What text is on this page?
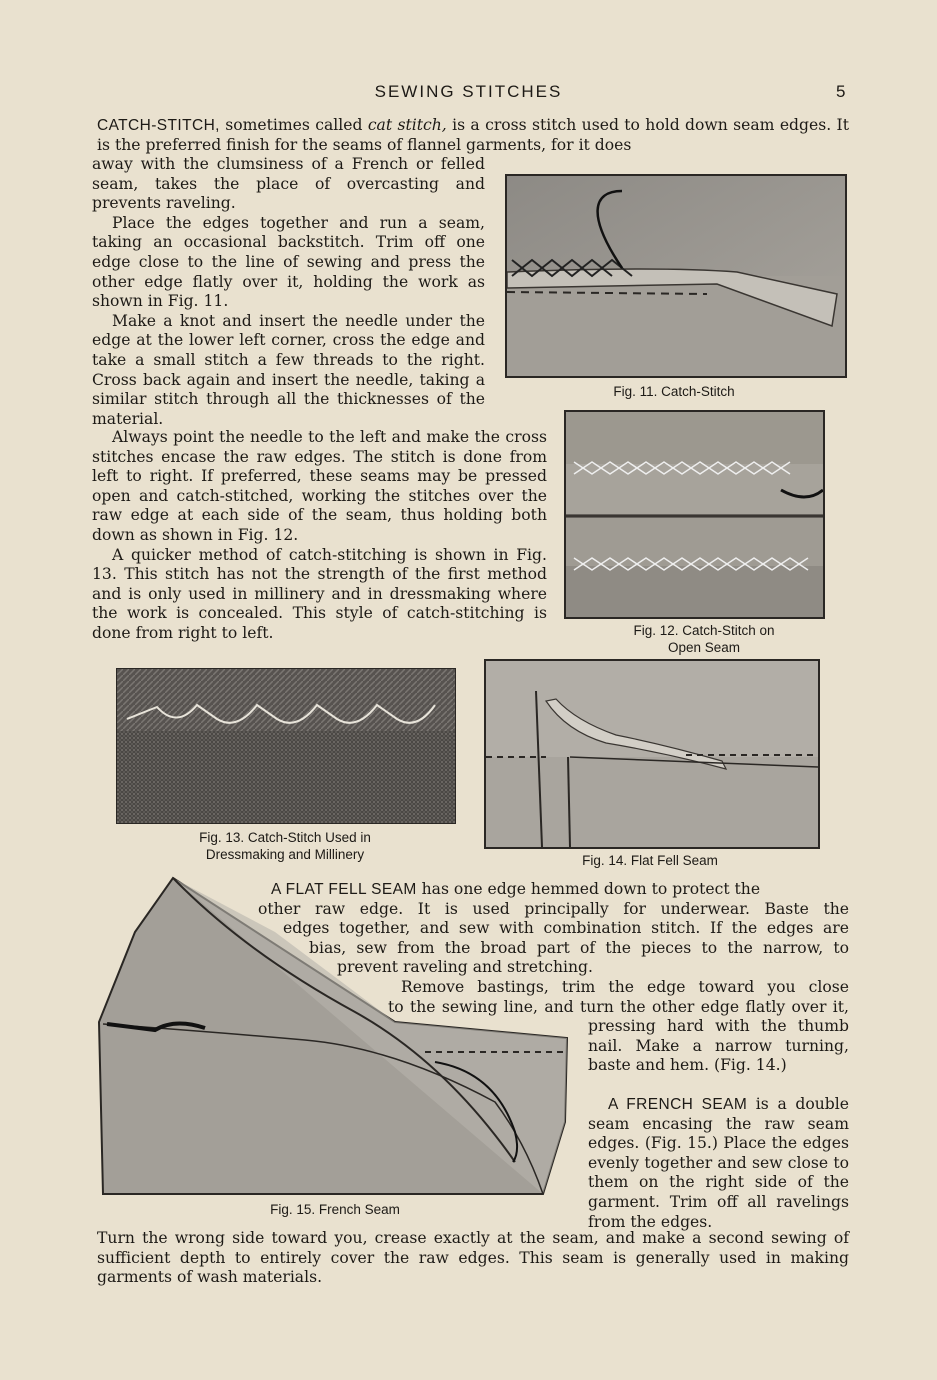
SEWING STITCHES	5
CATCH-STITCH, sometimes called cat stitch, is a cross stitch used to hold down seam edges. It is the preferred finish for the seams of flannel garments, for it does

away with the clumsiness of a French or felled seam, takes the place of overcasting and prevents raveling.

Place the edges together and run a seam, taking an occasional backstitch. Trim off one edge close to the line of sewing and press the other edge flatly over it, holding the work as shown in Fig. 11.

Make a knot and insert the needle under the edge at the lower left corner, cross the edge and take a small stitch a few threads to the right. Cross back again and insert the needle, taking a similar stitch through all the thicknesses of the material.

Always point the needle to the left and make the cross stitches encase the raw edges. The stitch is done from left to right. If preferred, these seams may be pressed open and catch-stitched, working the stitches over the raw edge at each side of the seam, thus holding both down as shown in Fig. 12.

A quicker method of catch-stitching is shown in Fig. 13. This stitch has not the strength of the first method and is only used in millinery and in dressmaking where the work is concealed. This style of catch-stitching is done from right to left.

Fig. 11. Catch-Stitch
Fig. 12. Catch-Stitch on
Open Seam
Fig. 13. Catch-Stitch Used in
Dressmaking and Millinery	Fig. 14. Flat Fell Seam
Fig. 15. French Seam
A FLAT FELL SEAM has one edge hemmed down to protect the
other raw edge. It is used principally for underwear. Baste the
edges together, and sew with combination stitch. If the edges are
bias, sew from the broad part of the pieces to the narrow, to
prevent raveling and stretching.
Remove bastings, trim the edge toward you close
to the sewing line, and turn the other edge flatly over it,
pressing hard with the thumb nail. Make a narrow turning, baste and hem. (Fig. 14.)
A FRENCH SEAM is a double seam encasing the raw seam edges. (Fig. 15.) Place the edges evenly together and sew close to them on the right side of the garment. Trim off all ravelings from the edges.
Turn the wrong side toward you, crease exactly at the seam, and make a second sewing of sufficient depth to entirely cover the raw edges. This seam is generally used in making garments of wash materials.
